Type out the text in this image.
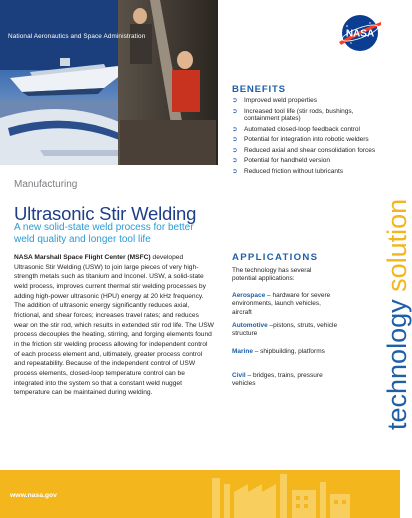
National Aeronautics and Space Administration	NASA
Manufacturing
Ultrasonic Stir Welding
A new solid-state weld process for better weld quality and longer tool life
NASA Marshall Space Flight Center (MSFC) developed Ultrasonic Stir Welding (USW) to join large pieces of very high-strength metals such as titanium and Inconel. USW, a solid-state weld process, improves current thermal stir welding processes by adding high-power ultrasonic (HPU) energy at 20 kHz frequency. The addition of ultrasonic energy significantly reduces axial, frictional, and shear forces; increases travel rates; and reduces wear on the stir rod, which results in extended stir rod life. The USW process decouples the heating, stirring, and forging elements found in the friction stir welding process allowing for independent control of each process element and, ultimately, greater process control and repeatability. Because of the independent control of USW process elements, closed-loop temperature control can be integrated into the system so that a constant weld nugget temperature can be maintained during welding.
BENEFITS
➲ Improved weld properties
➲ Increased tool life (stir rods, bushings, containment plates)
➲ Automated closed-loop feedback control
➲ Potential for integration into robotic welders
➲ Reduced axial and shear consolidation forces
➲ Potential for handheld version
➲ Reduced friction without lubricants
APPLICATIONS
The technology has several potential applications:
Aerospace – hardware for severe environments, launch vehicles, aircraft
Automotive –pistons, struts, vehicle structure
Marine – shipbuilding, platforms
Civil – bridges, trains, pressure vehicles	technology solution
www.nasa.gov
